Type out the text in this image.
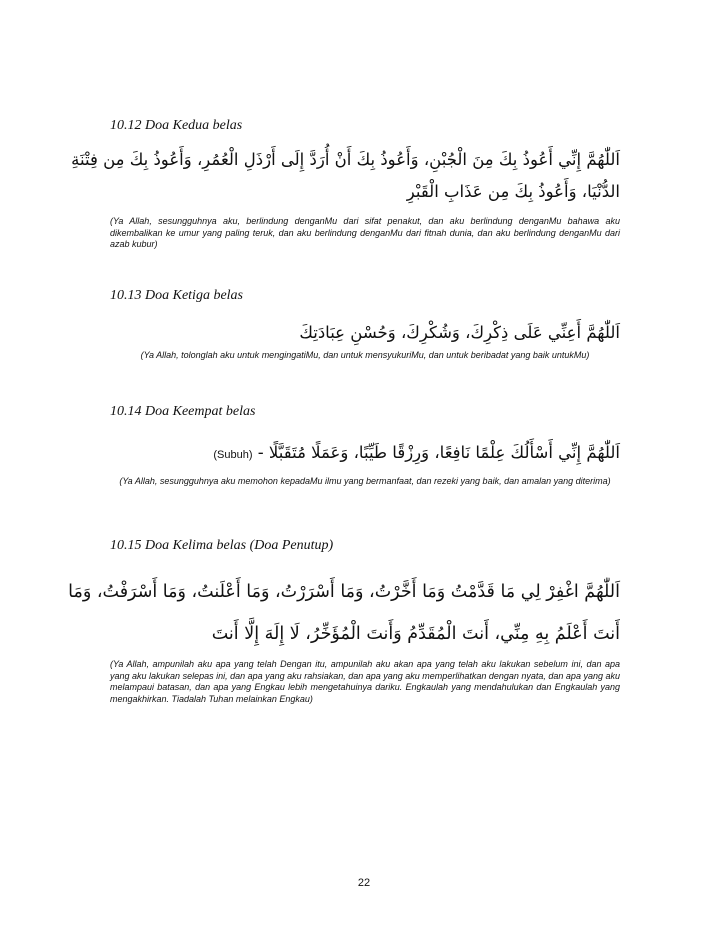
10.12 Doa Kedua belas
اَللّٰهُمَّ إِنِّي أَعُوذُ بِكَ مِنَ الْجُبْنِ، وَأَعُوذُ بِكَ أَنْ أُرَدَّ إِلَى أَرْذَلِ الْعُمُرِ، وَأَعُوذُ بِكَ مِن فِتْنَةِ
الدُّنْيَا، وَأَعُوذُ بِكَ مِن عَذَابِ الْقَبْرِ
(Ya Allah, sesungguhnya aku, berlindung denganMu dari sifat penakut, dan aku berlindung denganMu bahawa aku dikembalikan ke umur yang paling teruk, dan aku berlindung denganMu dari fitnah dunia, dan aku berlindung denganMu dari azab kubur)
10.13 Doa Ketiga belas
اَللّٰهُمَّ أَعِنِّي عَلَى ذِكْرِكَ، وَشُكْرِكَ، وَحُسْنِ عِبَادَتِكَ
(Ya Allah, tolonglah aku untuk mengingatiMu, dan untuk mensyukuriMu, dan untuk beribadat yang baik untukMu)
10.14 Doa Keempat belas
اَللّٰهُمَّ إِنِّي أَسْأَلُكَ عِلْمًا نَافِعًا، وَرِزْقًا طَيِّبًا، وَعَمَلًا مُتَقَبَّلًا - (Subuh)
(Ya Allah, sesungguhnya aku memohon kepadaMu ilmu yang bermanfaat, dan rezeki yang baik, dan amalan yang diterima)
10.15 Doa Kelima belas (Doa Penutup)
اَللّٰهُمَّ اغْفِرْ لِي مَا قَدَّمْتُ وَمَا أَخَّرْتُ، وَمَا أَسْرَرْتُ، وَمَا أَعْلَنتُ، وَمَا أَسْرَفْتُ، وَمَا
أَنتَ أَعْلَمُ بِهِ مِنِّي، أَنتَ الْمُقَدِّمُ وَأَنتَ الْمُؤَخِّرُ، لَا إِلَهَ إِلَّا أَنتَ
(Ya Allah, ampunilah aku apa yang telah Dengan itu, ampunilah aku akan apa yang telah aku lakukan sebelum ini, dan apa yang aku lakukan selepas ini, dan apa yang aku rahsiakan, dan apa yang aku memperlihatkan dengan nyata, dan apa yang aku melampaui batasan, dan apa yang Engkau lebih mengetahuinya dariku. Engkaulah yang mendahulukan dan Engkaulah yang mengakhirkan. Tiadalah Tuhan melainkan Engkau)
22
